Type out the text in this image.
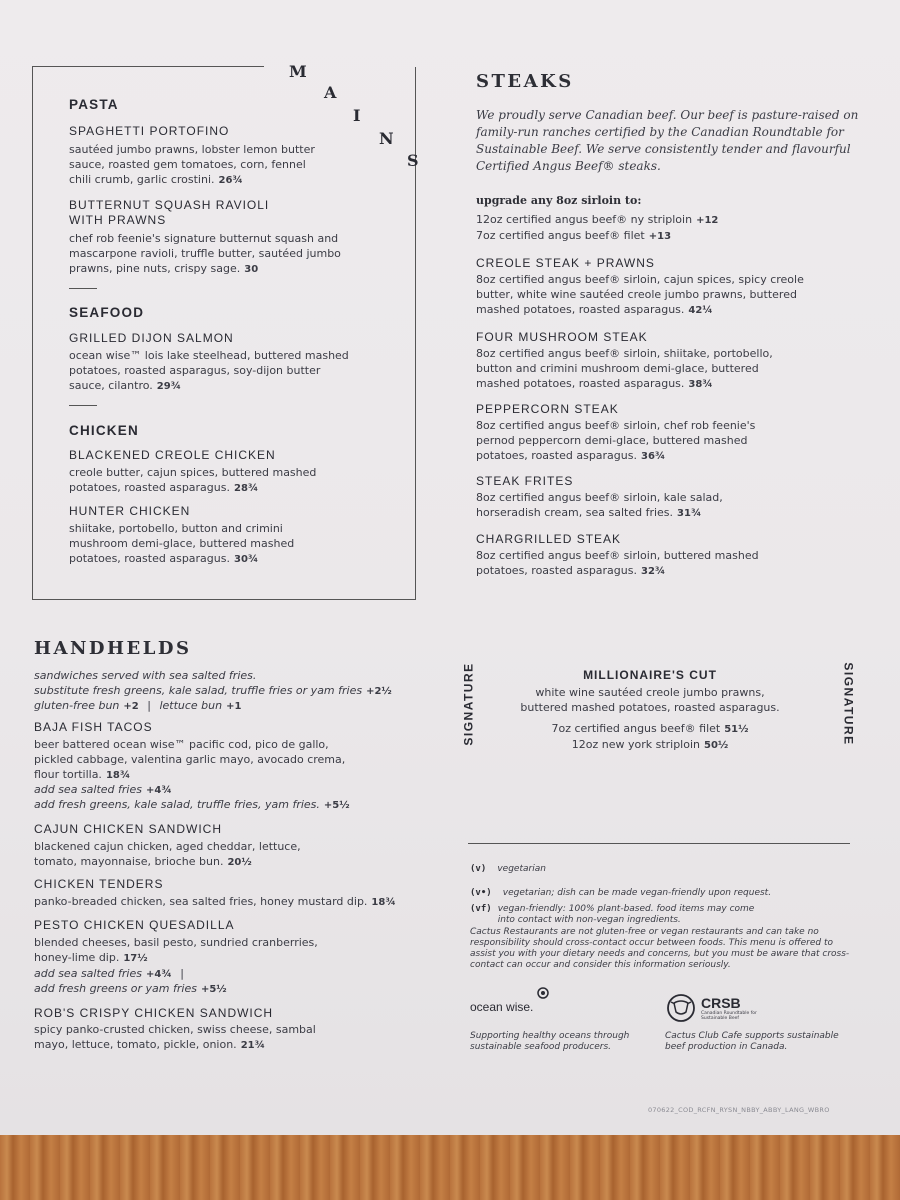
M
A
I
N
S
PASTA
SPAGHETTI PORTOFINO
sautéed jumbo prawns, lobster lemon butter sauce, roasted gem tomatoes, corn, fennel chili crumb, garlic crostini. 26¾
BUTTERNUT SQUASH RAVIOLI
WITH PRAWNS
chef rob feenie's signature butternut squash and mascarpone ravioli, truffle butter, sautéed jumbo prawns, pine nuts, crispy sage. 30
SEAFOOD
GRILLED DIJON SALMON
ocean wise™ lois lake steelhead, buttered mashed potatoes, roasted asparagus, soy-dijon butter sauce, cilantro. 29¾
CHICKEN
BLACKENED CREOLE CHICKEN
creole butter, cajun spices, buttered mashed potatoes, roasted asparagus. 28¾
HUNTER CHICKEN
shiitake, portobello, button and crimini mushroom demi-glace, buttered mashed potatoes, roasted asparagus. 30¾
STEAKS
We proudly serve Canadian beef. Our beef is pasture-raised on family-run ranches certified by the Canadian Roundtable for Sustainable Beef. We serve consistently tender and flavourful Certified Angus Beef® steaks.
upgrade any 8oz sirloin to:
12oz certified angus beef® ny striploin +12
7oz certified angus beef® filet +13
CREOLE STEAK + PRAWNS
8oz certified angus beef® sirloin, cajun spices, spicy creole butter, white wine sautéed creole jumbo prawns, buttered mashed potatoes, roasted asparagus. 42¼
FOUR MUSHROOM STEAK
8oz certified angus beef® sirloin, shiitake, portobello, button and crimini mushroom demi-glace, buttered mashed potatoes, roasted asparagus. 38¾
PEPPERCORN STEAK
8oz certified angus beef® sirloin, chef rob feenie's pernod peppercorn demi-glace, buttered mashed potatoes, roasted asparagus. 36¾
STEAK FRITES
8oz certified angus beef® sirloin, kale salad, horseradish cream, sea salted fries. 31¾
CHARGRILLED STEAK
8oz certified angus beef® sirloin, buttered mashed potatoes, roasted asparagus. 32¾
HANDHELDS
sandwiches served with sea salted fries.
substitute fresh greens, kale salad, truffle fries or yam fries +2½
gluten-free bun +2 | lettuce bun +1
BAJA FISH TACOS
beer battered ocean wise™ pacific cod, pico de gallo, pickled cabbage, valentina garlic mayo, avocado crema, flour tortilla. 18¾
add sea salted fries +4¾
add fresh greens, kale salad, truffle fries, yam fries. +5½
CAJUN CHICKEN SANDWICH
blackened cajun chicken, aged cheddar, lettuce, tomato, mayonnaise, brioche bun. 20½
CHICKEN TENDERS
panko-breaded chicken, sea salted fries, honey mustard dip. 18¾
PESTO CHICKEN QUESADILLA
blended cheeses, basil pesto, sundried cranberries, honey-lime dip. 17½
add sea salted fries +4¾ |
add fresh greens or yam fries +5½
ROB'S CRISPY CHICKEN SANDWICH
spicy panko-crusted chicken, swiss cheese, sambal mayo, lettuce, tomato, pickle, onion. 21¾
SIGNATURE	SIGNATURE
MILLIONAIRE'S CUT
white wine sautéed creole jumbo prawns,
buttered mashed potatoes, roasted asparagus.
7oz certified angus beef® filet 51½
12oz new york striploin 50½
(v) vegetarian
(v•) vegetarian; dish can be made vegan-friendly upon request.
(vf) vegan-friendly: 100% plant-based. food items may come into contact with non-vegan ingredients.
Cactus Restaurants are not gluten-free or vegan restaurants and can take no responsibility should cross-contact occur between foods. This menu is offered to assist you with your dietary needs and concerns, but you must be aware that cross-contact can occur and consider this information seriously.
ocean wise.
Supporting healthy oceans through sustainable seafood producers.
CRSB
Canadian Roundtable for Sustainable Beef
Cactus Club Cafe supports sustainable beef production in Canada.
070622_COD_RCFN_RYSN_NBBY_ABBY_LANG_WBRO
